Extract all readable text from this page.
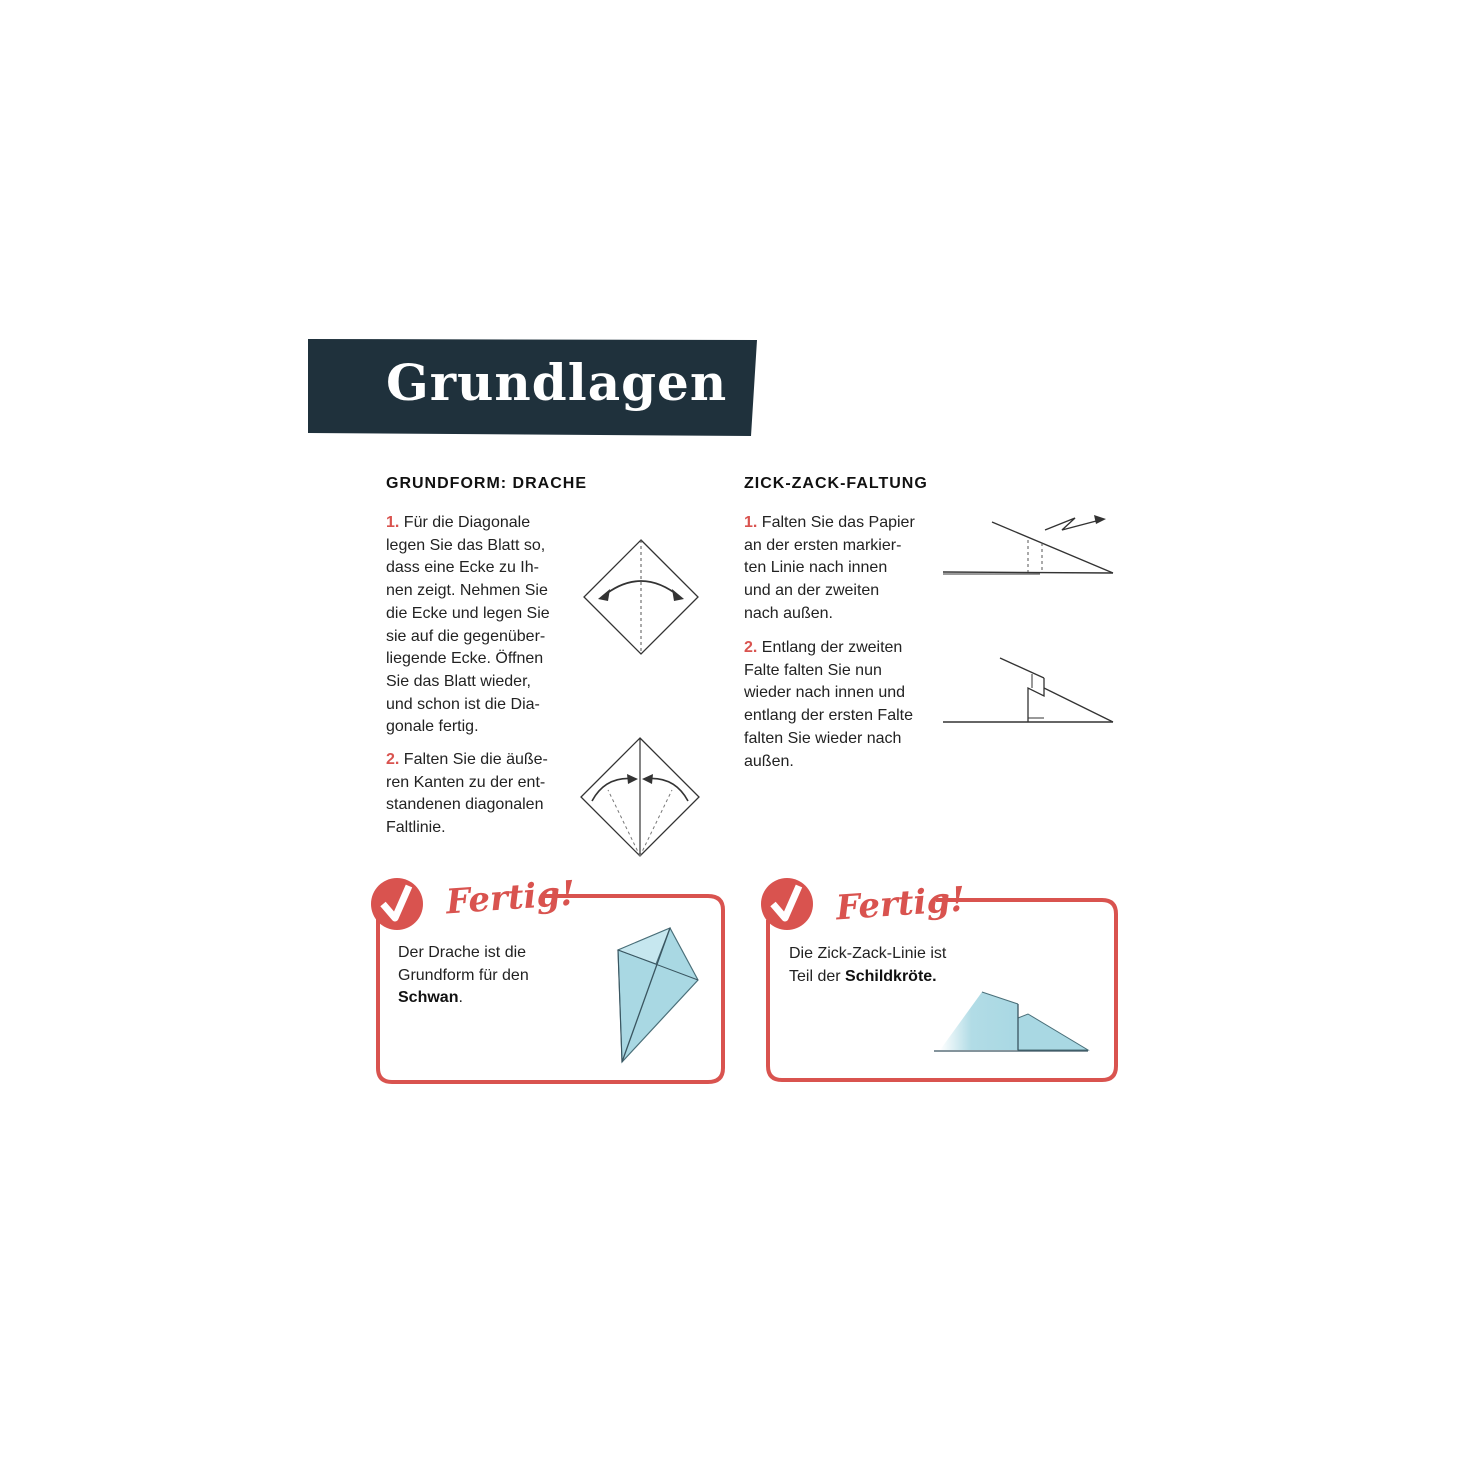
Grundlagen
GRUNDFORM: DRACHE

1. Für die Diagonale

legen Sie das Blatt so,

dass eine Ecke zu Ih-

nen zeigt. Nehmen Sie

die Ecke und legen Sie

sie auf die gegenüber-

liegende Ecke. Öffnen

Sie das Blatt wieder,

und schon ist die Dia-

gonale fertig.

2. Falten Sie die äuße-

ren Kanten zu der ent-

standenen diagonalen

Faltlinie.

ZICK-ZACK-FALTUNG

1. Falten Sie das Papier

an der ersten markier-

ten Linie nach innen

und an der zweiten

nach außen.

2. Entlang der zweiten

Falte falten Sie nun

wieder nach innen und

entlang der ersten Falte

falten Sie wieder nach

außen.

Fertig!
Der Drache ist die
Grundform für den
Schwan.
Fertig!
Die Zick-Zack-Linie ist
Teil der Schildkröte.
